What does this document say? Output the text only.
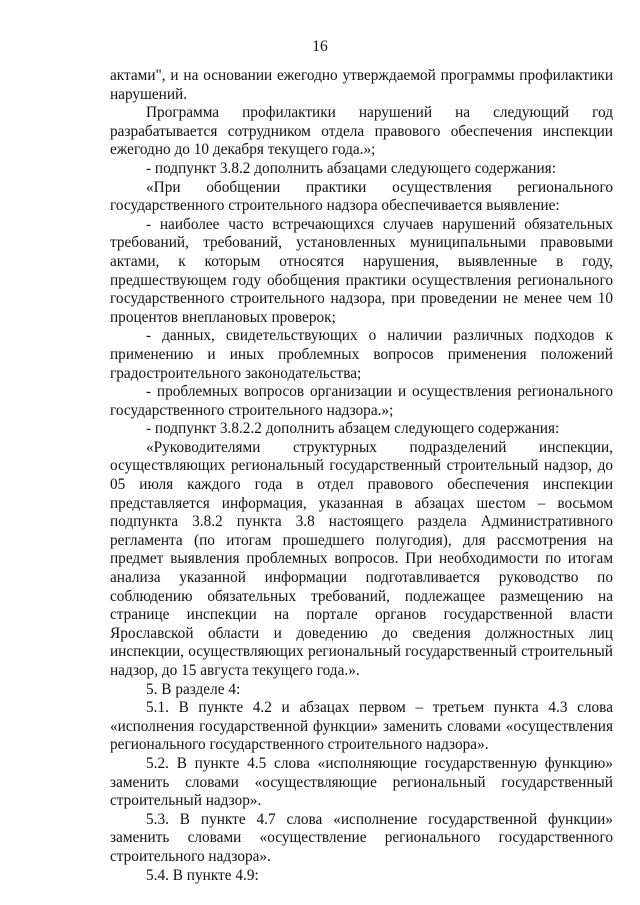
16

актами", и на основании ежегодно утверждаемой программы профилактики нарушений.

Программа профилактики нарушений на следующий год разрабатывается сотрудником отдела правового обеспечения инспекции ежегодно до 10 декабря текущего года.»;

- подпункт 3.8.2 дополнить абзацами следующего содержания:

«При обобщении практики осуществления регионального государственного строительного надзора обеспечивается выявление:

- наиболее часто встречающихся случаев нарушений обязательных требований, требований, установленных муниципальными правовыми актами, к которым относятся нарушения, выявленные в году, предшествующем году обобщения практики осуществления регионального государственного строительного надзора, при проведении не менее чем 10 процентов внеплановых проверок;

- данных, свидетельствующих о наличии различных подходов к применению и иных проблемных вопросов применения положений градостроительного законодательства;

- проблемных вопросов организации и осуществления регионального государственного строительного надзора.»;

- подпункт 3.8.2.2 дополнить абзацем следующего содержания:

«Руководителями структурных подразделений инспекции, осуществляющих региональный государственный строительный надзор, до 05 июля каждого года в отдел правового обеспечения инспекции представляется информация, указанная в абзацах шестом – восьмом подпункта 3.8.2 пункта 3.8 настоящего раздела Административного регламента (по итогам прошедшего полугодия), для рассмотрения на предмет выявления проблемных вопросов. При необходимости по итогам анализа указанной информации подготавливается руководство по соблюдению обязательных требований, подлежащее размещению на странице инспекции на портале органов государственной власти Ярославской области и доведению до сведения должностных лиц инспекции, осуществляющих региональный государственный строительный надзор, до 15 августа текущего года.».

5. В разделе 4:

5.1. В пункте 4.2 и абзацах первом – третьем пункта 4.3 слова «исполнения государственной функции» заменить словами «осуществления регионального государственного строительного надзора».

5.2. В пункте 4.5 слова «исполняющие государственную функцию» заменить словами «осуществляющие региональный государственный строительный надзор».

5.3. В пункте 4.7 слова «исполнение государственной функции» заменить словами «осуществление регионального государственного строительного надзора».

5.4. В пункте 4.9:
